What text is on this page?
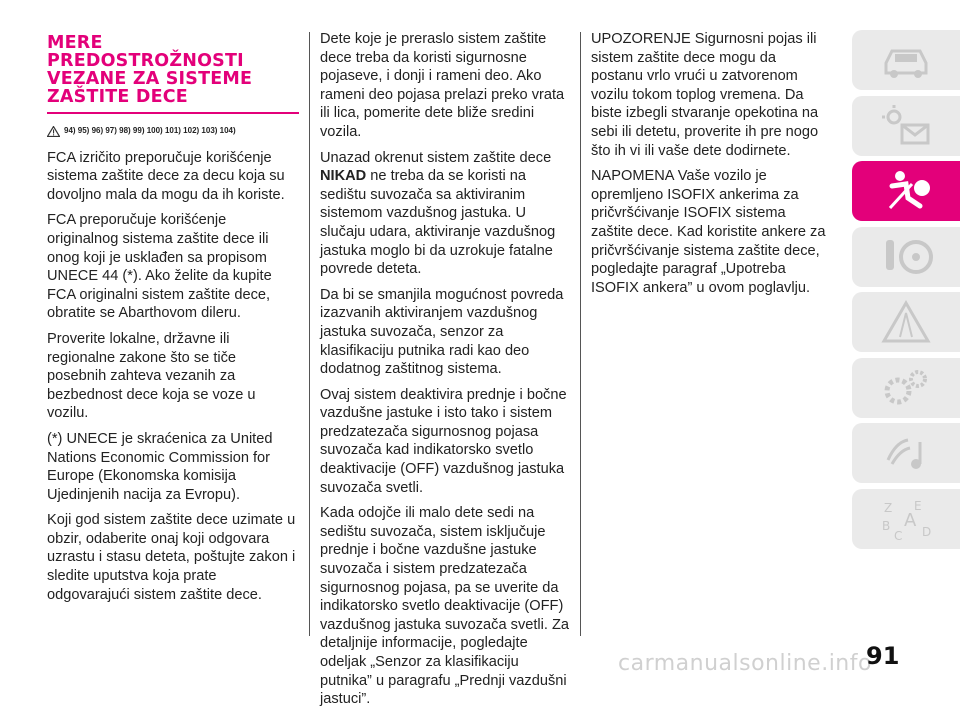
MERE PREDOSTROŽNOSTI VEZANE ZA SISTEME ZAŠTITE DECE
94) 95) 96) 97) 98) 99) 100) 101) 102) 103) 104)

FCA izričito preporučuje korišćenje sistema zaštite dece za decu koja su dovoljno mala da mogu da ih koriste.

FCA preporučuje korišćenje originalnog sistema zaštite dece ili onog koji je usklađen sa propisom UNECE 44 (*). Ako želite da kupite FCA originalni sistem zaštite dece, obratite se Abarthovom dileru.

Proverite lokalne, državne ili regionalne zakone što se tiče posebnih zahteva vezanih za bezbednost dece koja se voze u vozilu.

(*) UNECE je skraćenica za United Nations Economic Commission for Europe (Ekonomska komisija Ujedinjenih nacija za Evropu).

Koji god sistem zaštite dece uzimate u obzir, odaberite onaj koji odgovara uzrastu i stasu deteta, poštujte zakon i sledite uputstva koja prate odgovarajući sistem zaštite dece.

Dete koje je preraslo sistem zaštite dece treba da koristi sigurnosne pojaseve, i donji i rameni deo. Ako rameni deo pojasa prelazi preko vrata ili lica, pomerite dete bliže sredini vozila.

Unazad okrenut sistem zaštite dece
NIKAD ne treba da se koristi na sedištu suvozača sa aktiviranim sistemom vazdušnog jastuka. U slučaju udara, aktiviranje vazdušnog jastuka moglo bi da uzrokuje fatalne povrede deteta.

Da bi se smanjila mogućnost povreda izazvanih aktiviranjem vazdušnog jastuka suvozača, senzor za klasifikaciju putnika radi kao deo dodatnog zaštitnog sistema.

Ovaj sistem deaktivira prednje i bočne vazdušne jastuke i isto tako i sistem predzatezača sigurnosnog pojasa suvozača kad indikatorsko svetlo deaktivacije (OFF) vazdušnog jastuka suvozača svetli.

Kada odojče ili malo dete sedi na sedištu suvozača, sistem isključuje prednje i bočne vazdušne jastuke suvozača i sistem predzatezača sigurnosnog pojasa, pa se uverite da indikatorsko svetlo deaktivacije (OFF) vazdušnog jastuka suvozača svetli. Za detaljnije informacije, pogledajte odeljak „Senzor za klasifikaciju putnika” u paragrafu „Prednji vazdušni jastuci”.

UPOZORENJE Sigurnosni pojas ili sistem zaštite dece mogu da postanu vrlo vrući u zatvorenom vozilu tokom toplog vremena. Da biste izbegli stvaranje opekotina na sebi ili detetu, proverite ih pre nogo što ih vi ili vaše dete dodirnete.

NAPOMENA Vaše vozilo je opremljeno ISOFIX ankerima za pričvršćivanje ISOFIX sistema zaštite dece. Kad koristite ankere za pričvršćivanje sistema zaštite dece, pogledajte paragraf „Upotreba ISOFIX ankera” u ovom poglavlju.

Z E
B A
C D
carmanualsonline.info
91
